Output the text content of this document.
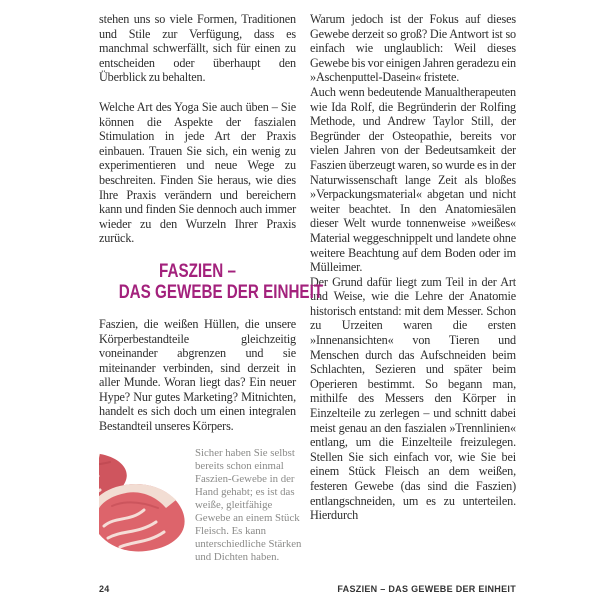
stehen uns so viele Formen, Traditionen und Stile zur Verfügung, dass es manchmal schwerfällt, sich für einen zu entscheiden oder überhaupt den Überblick zu behalten.

Welche Art des Yoga Sie auch üben – Sie können die Aspekte der faszialen Stimulation in jede Art der Praxis einbauen. Trauen Sie sich, ein wenig zu experimentieren und neue Wege zu beschreiten. Finden Sie heraus, wie dies Ihre Praxis verändern und bereichern kann und finden Sie dennoch auch immer wieder zu den Wurzeln Ihrer Praxis zurück.

FASZIEN –
DAS GEWEBE DER EINHEIT

Faszien, die weißen Hüllen, die unsere Körperbestandteile gleichzeitig voneinander abgrenzen und sie miteinander verbinden, sind derzeit in aller Munde. Woran liegt das? Ein neuer Hype? Nur gutes Marketing? Mitnichten, handelt es sich doch um einen integralen Bestandteil unseres Körpers.

Sicher haben Sie selbst bereits schon einmal Faszien-Gewebe in der Hand gehabt; es ist das weiße, gleitfähige Gewebe an einem Stück Fleisch. Es kann unterschiedliche Stärken und Dichten haben.

Warum jedoch ist der Fokus auf dieses Gewebe derzeit so groß? Die Antwort ist so einfach wie unglaublich: Weil dieses Gewebe bis vor einigen Jahren geradezu ein »Aschenputtel-Dasein« fristete.

Auch wenn bedeutende Manualtherapeuten wie Ida Rolf, die Begründerin der Rolfing Methode, und Andrew Taylor Still, der Begründer der Osteopathie, bereits vor vielen Jahren von der Bedeutsamkeit der Faszien überzeugt waren, so wurde es in der Naturwissenschaft lange Zeit als bloßes »Verpackungsmaterial« abgetan und nicht weiter beachtet. In den Anatomiesälen dieser Welt wurde tonnenweise »weißes« Material weggeschnippelt und landete ohne weitere Beachtung auf dem Boden oder im Mülleimer.

Der Grund dafür liegt zum Teil in der Art und Weise, wie die Lehre der Anatomie historisch entstand: mit dem Messer. Schon zu Urzeiten waren die ersten »Innenansichten« von Tieren und Menschen durch das Aufschneiden beim Schlachten, Sezieren und später beim Operieren bestimmt. So begann man, mithilfe des Messers den Körper in Einzelteile zu zerlegen – und schnitt dabei meist genau an den faszialen »Trennlinien« entlang, um die Einzelteile freizulegen. Stellen Sie sich einfach vor, wie Sie bei einem Stück Fleisch an dem weißen, festeren Gewebe (das sind die Faszien) entlangschneiden, um es zu unterteilen. Hierdurch

24	FASZIEN – DAS GEWEBE DER EINHEIT
